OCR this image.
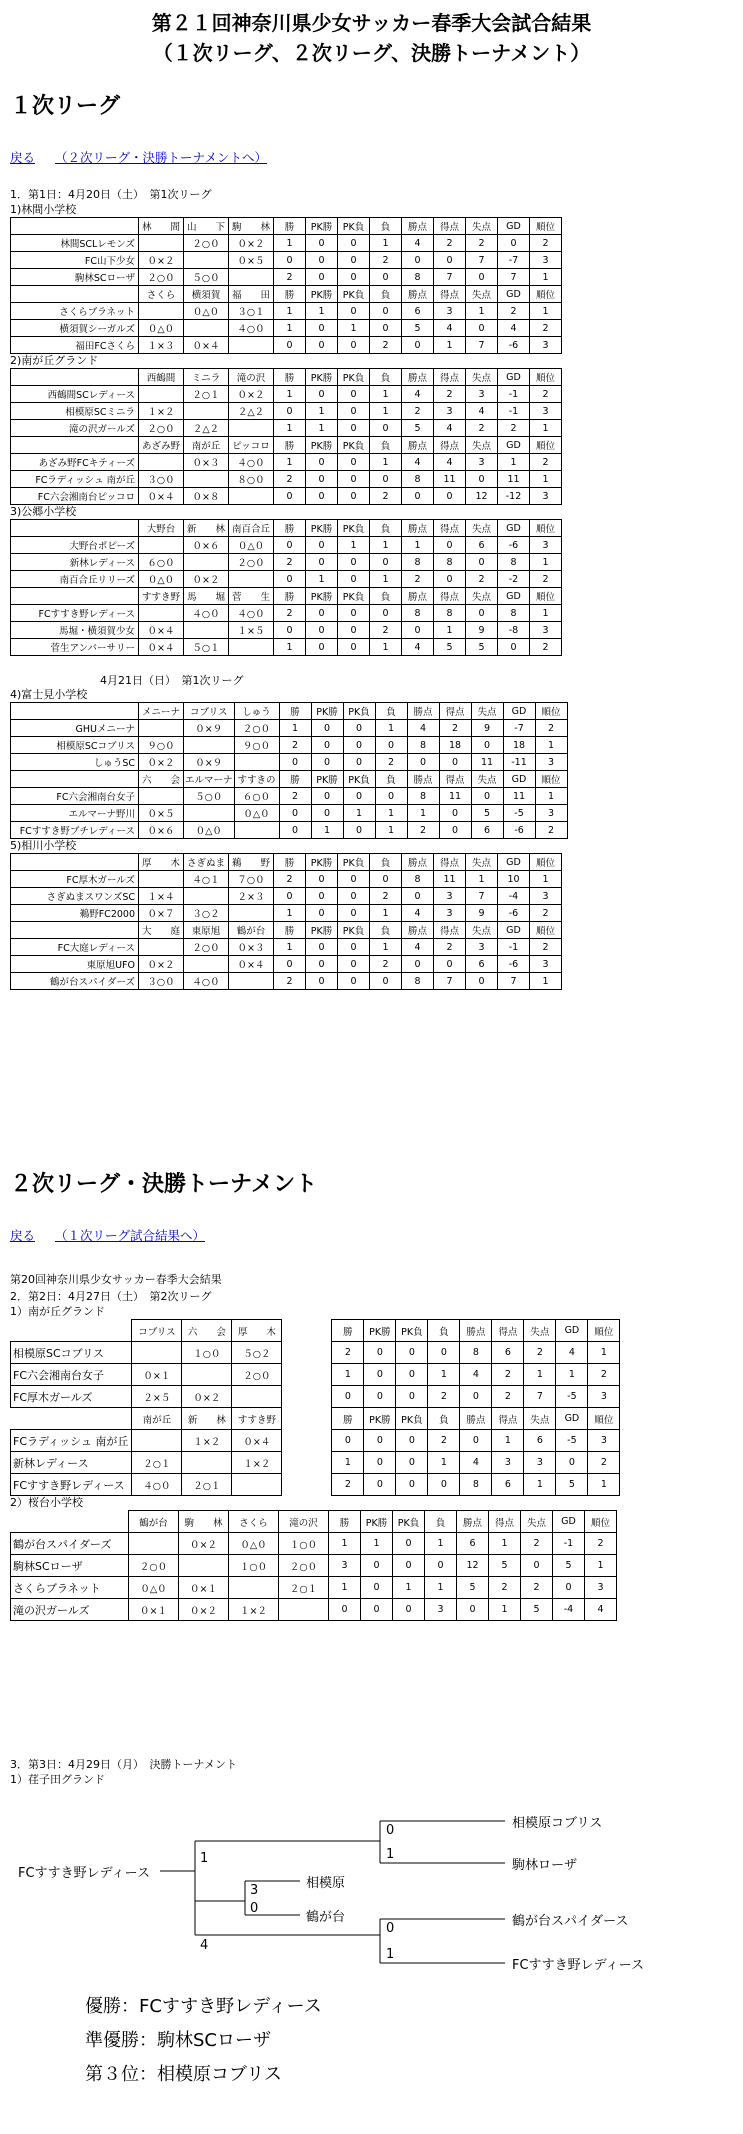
第２１回神奈川県少女サッカー春季大会試合結果
（１次リーグ、２次リーグ、決勝トーナメント）
１次リーグ
戻る （２次リーグ・決勝トーナメントへ）
1．第1日：4月20日（土）　第1次リーグ
1)林間小学校
	林　　間	山　　下	駒　　林	勝	PK勝	PK負	負	勝点	得点	失点	GD	順位
林間SCLレモンズ		２○０	０×２	1	0	0	1	4	2	2	0	2
FC山下少女	０×２		０×５	0	0	0	2	0	0	7	-7	3
駒林SCローザ	２○０	５○０		2	0	0	0	8	7	0	7	1
	さくら	横須賀	福　　田	勝	PK勝	PK負	負	勝点	得点	失点	GD	順位
さくらブラネット		０△０	３○１	1	1	0	0	6	3	1	2	1
横須賀シーガルズ	０△０		４○０	1	0	1	0	5	4	0	4	2
福田FCさくら	１×３	０×４		0	0	0	2	0	1	7	-6	3
2)南が丘グランド
	西鶴間	ミニラ	滝の沢	勝	PK勝	PK負	負	勝点	得点	失点	GD	順位
西鶴間SCレディース		２○１	０×２	1	0	0	1	4	2	3	-1	2
相模原SCミニラ	１×２		２△２	0	1	0	1	2	3	4	-1	3
滝の沢ガールズ	２○０	２△２		1	1	0	0	5	4	2	2	1
	あざみ野	南が丘	ピッコロ	勝	PK勝	PK負	負	勝点	得点	失点	GD	順位
あざみ野FCキティーズ		０×３	４○０	1	0	0	1	4	4	3	1	2
FCラディッシュ 南が丘	３○０		８○０	2	0	0	0	8	11	0	11	1
FC六会湘南台ピッコロ	０×４	０×８		0	0	0	2	0	0	12	-12	3
3)公郷小学校
	大野台	新　　林	南百合丘	勝	PK勝	PK負	負	勝点	得点	失点	GD	順位
大野台ポピーズ		０×６	０△０	0	0	1	1	1	0	6	-6	3
新林レディース	６○０		２○０	2	0	0	0	8	8	0	8	1
南百合丘リリーズ	０△０	０×２		0	1	0	1	2	0	2	-2	2
	すすき野	馬　　堀	菅　　生	勝	PK勝	PK負	負	勝点	得点	失点	GD	順位
FCすすき野レディース		４○０	４○０	2	0	0	0	8	8	0	8	1
馬堀・横須賀少女	０×４		１×５	0	0	0	2	0	1	9	-8	3
菅生アンバーサリー	０×４	５○１		1	0	0	1	4	5	5	0	2
4月21日（日）　第1次リーグ
4)富士見小学校
	メニーナ	コブリス	しゅう	勝	PK勝	PK負	負	勝点	得点	失点	GD	順位
GHUメニーナ		０×９	２○０	1	0	0	1	4	2	9	-7	2
相模原SCコブリス	９○０		９○０	2	0	0	0	8	18	0	18	1
しゅうSC	０×２	０×９		0	0	0	2	0	0	11	-11	3
	六　　会	エルマーナ	すすきの	勝	PK勝	PK負	負	勝点	得点	失点	GD	順位
FC六会湘南台女子		５○０	６○０	2	0	0	0	8	11	0	11	1
エルマーナ野川	０×５		０△０	0	0	1	1	1	0	5	-5	3
FCすすき野ブチレディース	０×６	０△０		0	1	0	1	2	0	6	-6	2
5)相川小学校
	厚　　木	さぎぬま	鵜　　野	勝	PK勝	PK負	負	勝点	得点	失点	GD	順位
FC厚木ガールズ		４○１	７○０	2	0	0	0	8	11	1	10	1
さぎぬまスワンズSC	１×４		２×３	0	0	0	2	0	3	7	-4	3
鵜野FC2000	０×７	３○２		1	0	0	1	4	3	9	-6	2
	大　　庭	東原旭	鶴が台	勝	PK勝	PK負	負	勝点	得点	失点	GD	順位
FC大庭レディース		２○０	０×３	1	0	0	1	4	2	3	-1	2
東原旭UFO	０×２		０×４	0	0	0	2	0	0	6	-6	3
鶴が台スパイダーズ	３○０	４○０		2	0	0	0	8	7	0	7	1
２次リーグ・決勝トーナメント
戻る （１次リーグ試合結果へ）
第20回神奈川県少女サッカー春季大会結果
2．第2日：4月27日（土）　第2次リーグ
1）南が丘グランド
	コブリス	六　　会	厚　　木		勝	PK勝	PK負	負	勝点	得点	失点	GD	順位
相模原SCコブリス		１○０	５○２		2	0	0	0	8	6	2	4	1
FC六会湘南台女子	０×１		２○０		1	0	0	1	4	2	1	1	2
FC厚木ガールズ	２×５	０×２			0	0	0	2	0	2	7	-5	3
	南が丘	新　　林	すすき野		勝	PK勝	PK負	負	勝点	得点	失点	GD	順位
FCラディッシュ 南が丘		１×２	０×４		0	0	0	2	0	1	6	-5	3
新林レディース	２○１		１×２		1	0	0	1	4	3	3	0	2
FCすすき野レディース	４○０	２○１			2	0	0	0	8	6	1	5	1
2）桜台小学校
	鶴が台	駒　　林	さくら	滝の沢	勝	PK勝	PK負	負	勝点	得点	失点	GD	順位
鶴が台スパイダーズ		０×２	０△０	１○０	1	1	0	1	6	1	2	-1	2
駒林SCローザ	２○０		１○０	２○０	3	0	0	0	12	5	0	5	1
さくらブラネット	０△０	０×１		２○１	1	0	1	1	5	2	2	0	3
滝の沢ガールズ	０×１	０×２	１×２		0	0	0	3	0	1	5	-4	4
3．第3日：4月29日（月）　決勝トーナメント
1）荏子田グランド
FCすすき野レディース
1
4
3
0
相模原
鶴が台
0
1
0
1
相模原コブリス
駒林ローザ
鶴が台スパイダース
FCすすき野レディース
優勝：FCすすき野レディース
準優勝：駒林SCローザ
第３位：相模原コブリス
